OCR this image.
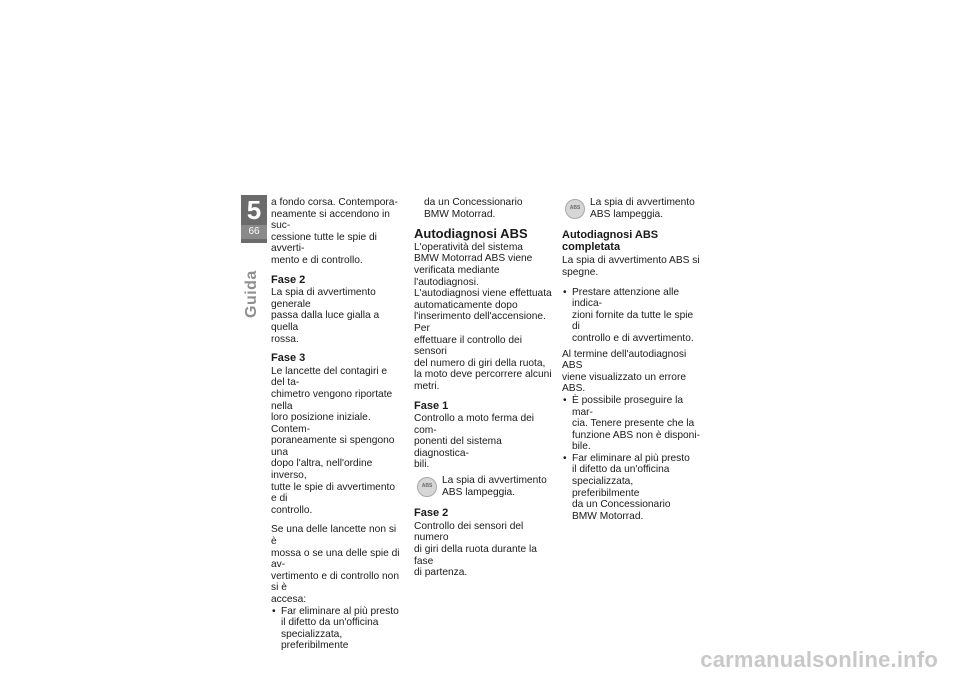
5
66
Guida

a fondo corsa. Contempora-
neamente si accendono in suc-
cessione tutte le spie di avverti-
mento e di controllo.

Fase 2

La spia di avvertimento generale
passa dalla luce gialla a quella
rossa.

Fase 3

Le lancette del contagiri e del ta-
chimetro vengono riportate nella
loro posizione iniziale. Contem-
poraneamente si spengono una
dopo l'altra, nell'ordine inverso,
tutte le spie di avvertimento e di
controllo.

Se una delle lancette non si è
mossa o se una delle spie di av-
vertimento e di controllo non si è
accesa:

• Far eliminare al più presto
il difetto da un'officina
specializzata, preferibilmente

da un Concessionario
BMW Motorrad.

Autodiagnosi ABS

L'operatività del sistema
BMW Motorrad ABS viene
verificata mediante l'autodiagnosi.
L'autodiagnosi viene effettuata
automaticamente dopo
l'inserimento dell'accensione. Per
effettuare il controllo dei sensori
del numero di giri della ruota,
la moto deve percorrere alcuni
metri.

Fase 1

Controllo a moto ferma dei com-
ponenti del sistema diagnostica-
bili.

ABS
La spia di avvertimento
ABS lampeggia.
Fase 2

Controllo dei sensori del numero
di giri della ruota durante la fase
di partenza.

ABS
La spia di avvertimento
ABS lampeggia.
Autodiagnosi ABS
completata

La spia di avvertimento ABS si
spegne.

• Prestare attenzione alle indica-
zioni fornite da tutte le spie di
controllo e di avvertimento.

Al termine dell'autodiagnosi ABS
viene visualizzato un errore ABS.

• È possibile proseguire la mar-
cia. Tenere presente che la
funzione ABS non è disponi-
bile.
• Far eliminare al più presto
il difetto da un'officina
specializzata, preferibilmente
da un Concessionario
BMW Motorrad.
carmanualsonline.info
